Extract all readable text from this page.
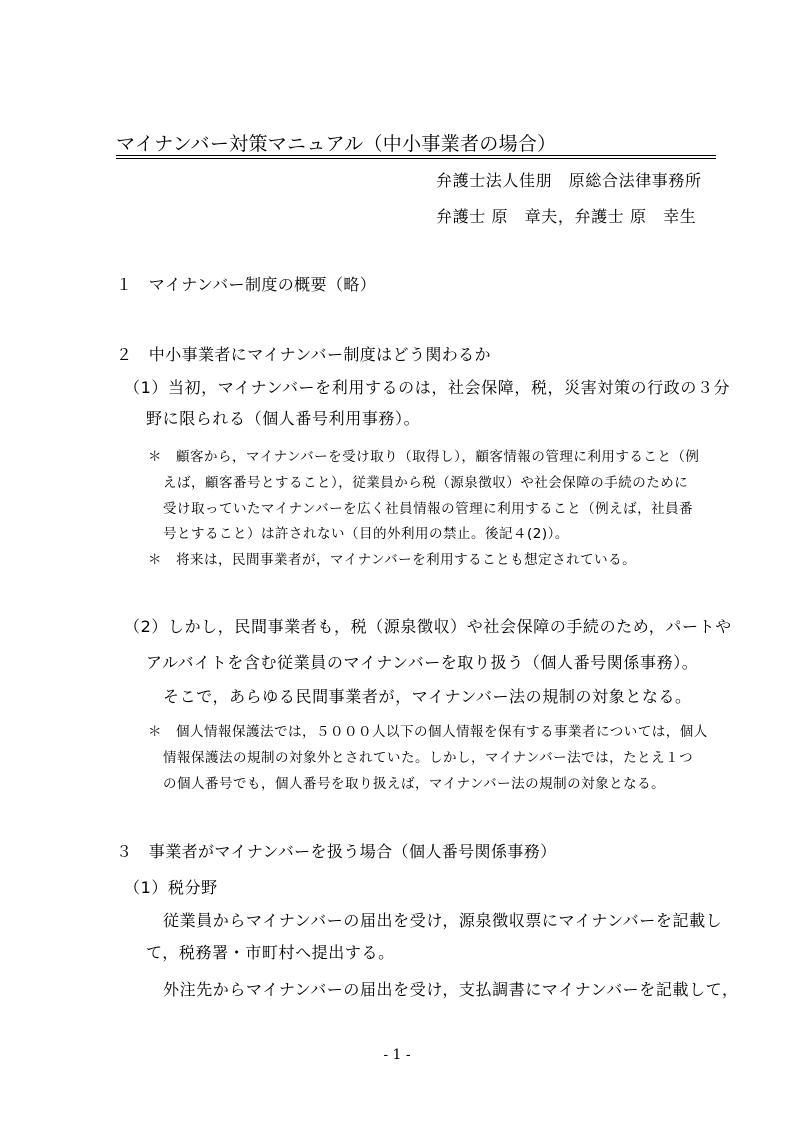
マイナンバー対策マニュアル（中小事業者の場合）
弁護士法人佳朋　原総合法律事務所
弁護士 原　章夫，弁護士 原　幸生
１　マイナンバー制度の概要（略）
２　中小事業者にマイナンバー制度はどう関わるか
（1）当初，マイナンバーを利用するのは，社会保障，税，災害対策の行政の３分
野に限られる（個人番号利用事務）。
＊　顧客から，マイナンバーを受け取り（取得し），顧客情報の管理に利用すること（例
えば，顧客番号とすること），従業員から税（源泉徴収）や社会保障の手続のために
受け取っていたマイナンバーを広く社員情報の管理に利用すること（例えば，社員番
号とすること）は許されない（目的外利用の禁止。後記４(2)）。
＊　将来は，民間事業者が，マイナンバーを利用することも想定されている。
（2）しかし，民間事業者も，税（源泉徴収）や社会保障の手続のため，パートや
アルバイトを含む従業員のマイナンバーを取り扱う（個人番号関係事務）。
そこで，あらゆる民間事業者が，マイナンバー法の規制の対象となる。
＊　個人情報保護法では，５０００人以下の個人情報を保有する事業者については，個人
情報保護法の規制の対象外とされていた。しかし，マイナンバー法では，たとえ１つ
の個人番号でも，個人番号を取り扱えば，マイナンバー法の規制の対象となる。
３　事業者がマイナンバーを扱う場合（個人番号関係事務）
（1）税分野
従業員からマイナンバーの届出を受け，源泉徴収票にマイナンバーを記載し
て，税務署・市町村へ提出する。
外注先からマイナンバーの届出を受け，支払調書にマイナンバーを記載して，
- 1 -
